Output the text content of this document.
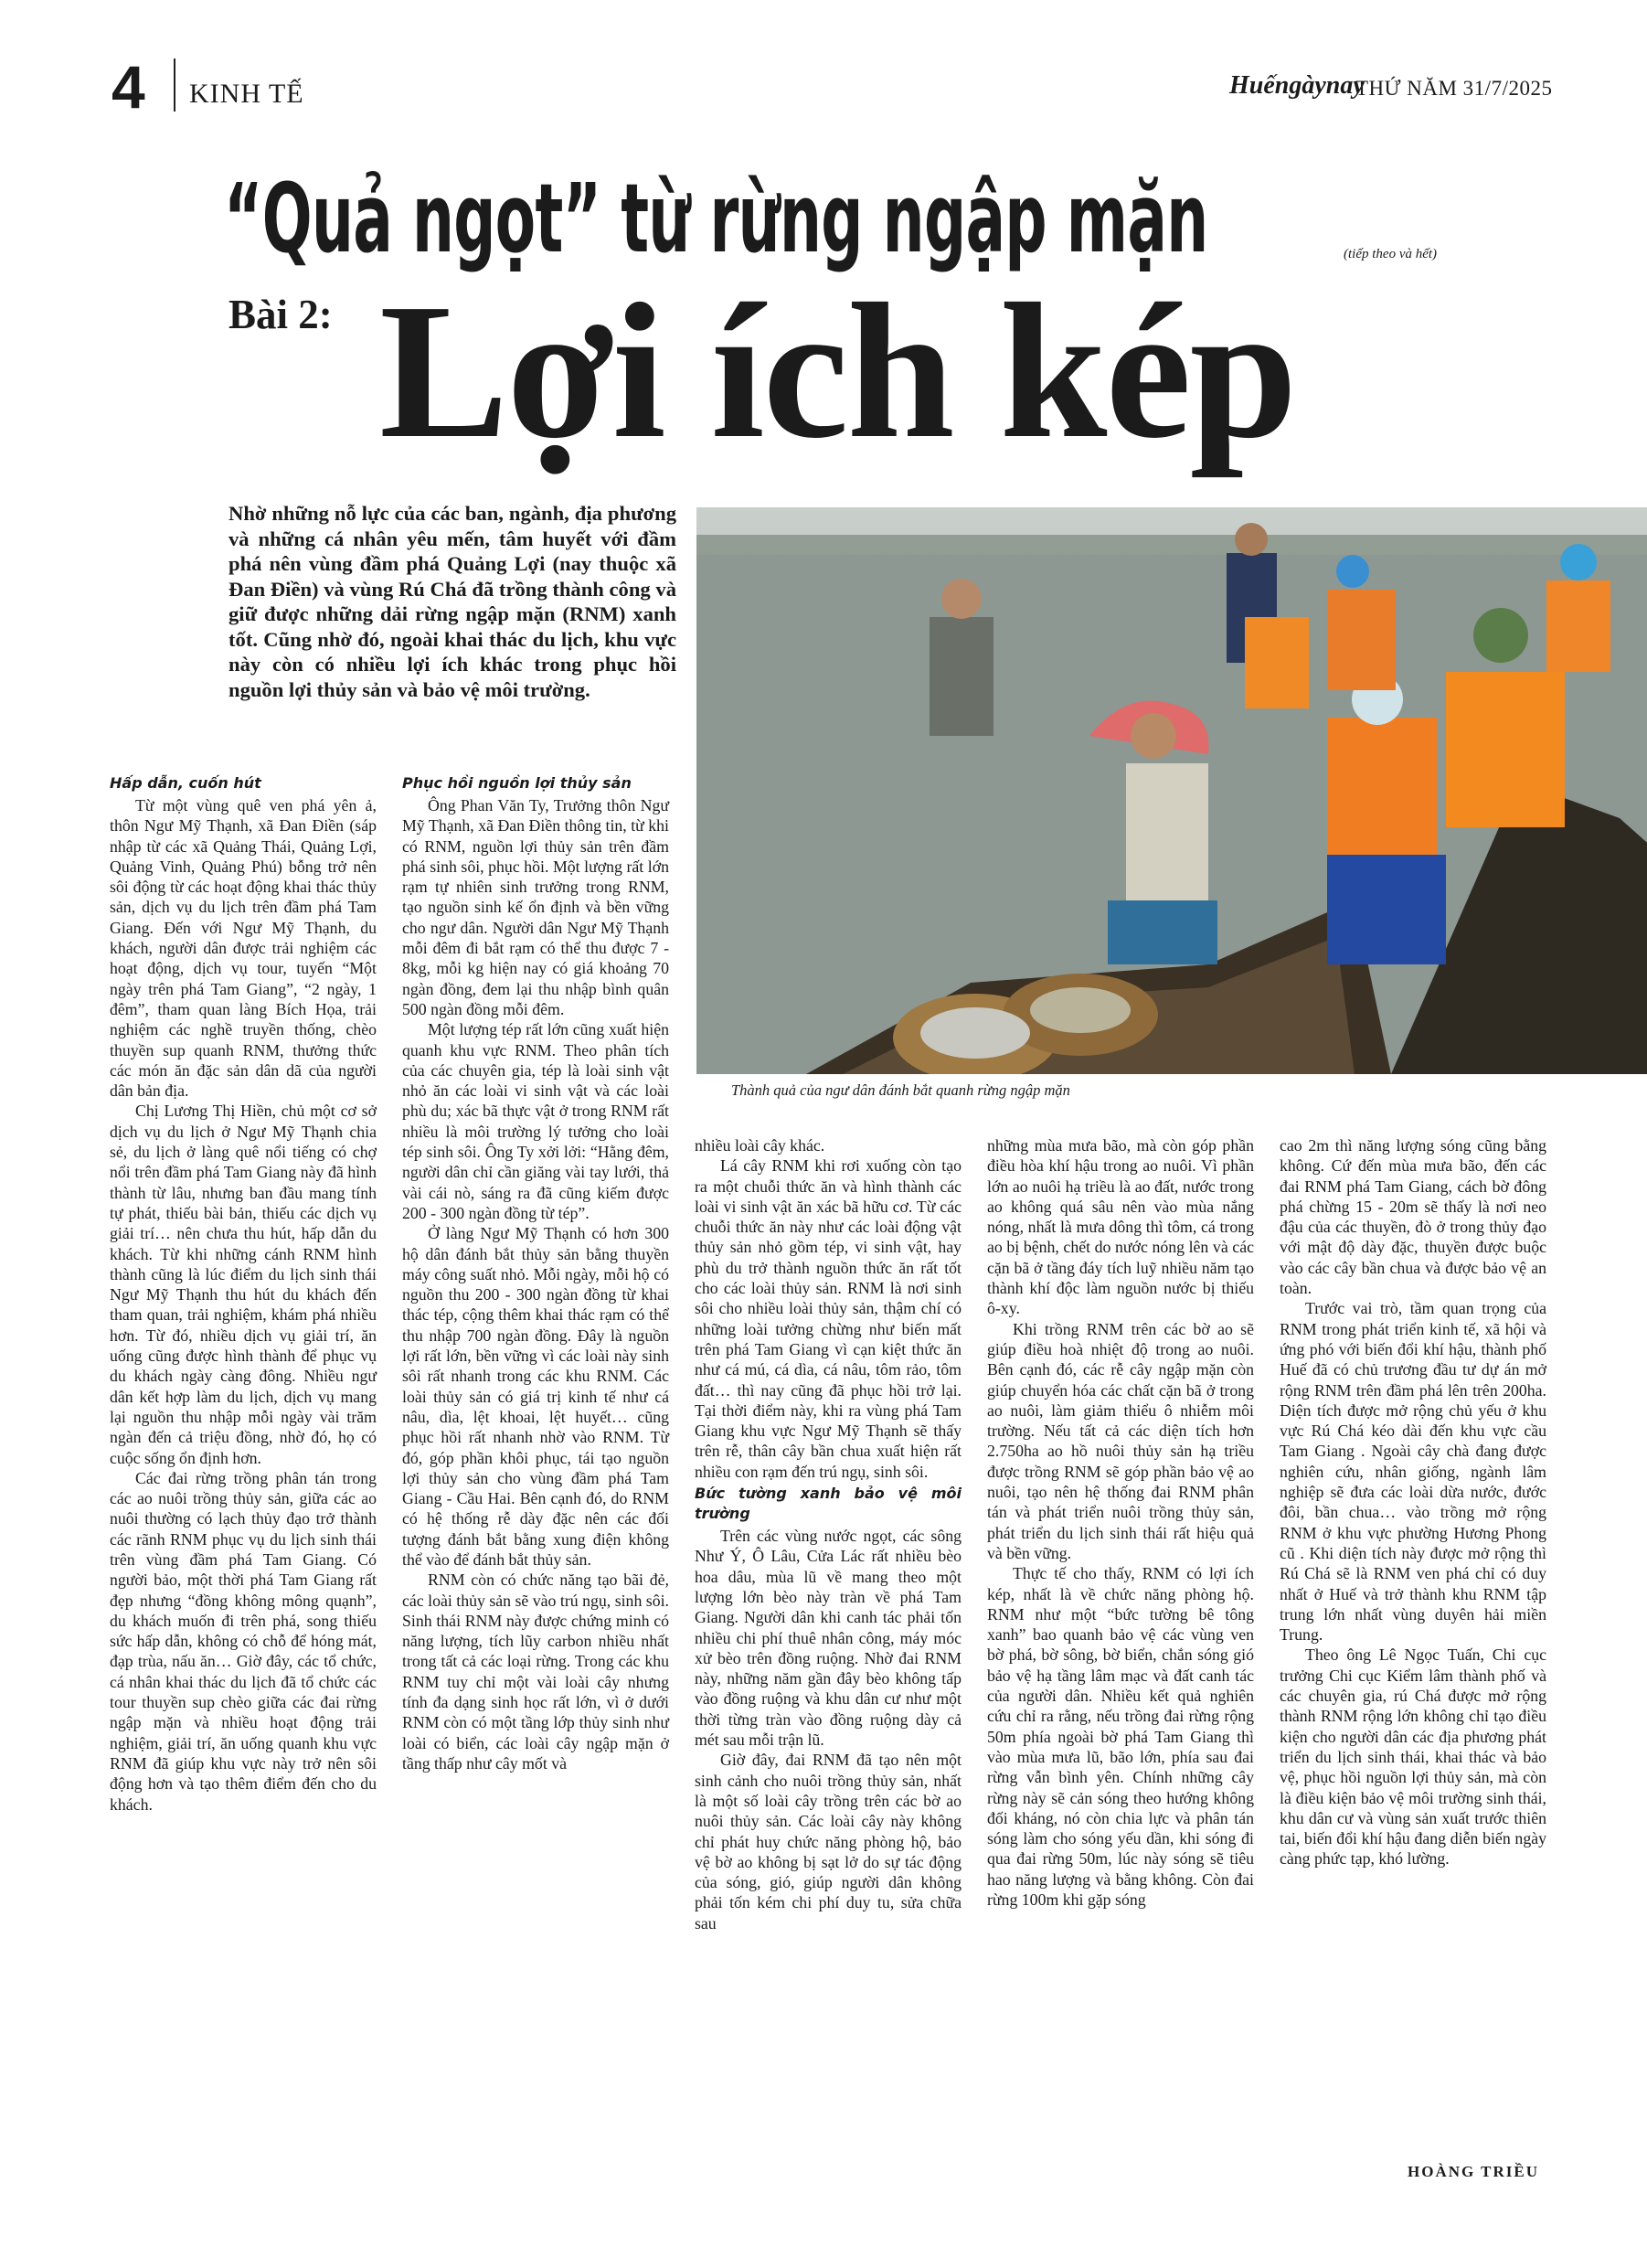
4 KINH TẾ	Huếngàynay
THỨ NĂM 31/7/2025
“Quả ngọt” từ rừng ngập mặn	(tiếp theo và hết)
Bài 2: Lợi ích kép
Nhờ những nỗ lực của các ban, ngành, địa phương và những cá nhân yêu mến, tâm huyết với đầm phá nên vùng đầm phá Quảng Lợi (nay thuộc xã Đan Điền) và vùng Rú Chá đã trồng thành công và giữ được những dải rừng ngập mặn (RNM) xanh tốt. Cũng nhờ đó, ngoài khai thác du lịch, khu vực này còn có nhiều lợi ích khác trong phục hồi nguồn lợi thủy sản và bảo vệ môi trường.
Thành quả của ngư dân đánh bắt quanh rừng ngập mặn
Hấp dẫn, cuốn hút

Từ một vùng quê ven phá yên ả, thôn Ngư Mỹ Thạnh, xã Đan Điền (sáp nhập từ các xã Quảng Thái, Quảng Lợi, Quảng Vinh, Quảng Phú) bỗng trở nên sôi động từ các hoạt động khai thác thủy sản, dịch vụ du lịch trên đầm phá Tam Giang. Đến với Ngư Mỹ Thạnh, du khách, người dân được trải nghiệm các hoạt động, dịch vụ tour, tuyến “Một ngày trên phá Tam Giang”, “2 ngày, 1 đêm”, tham quan làng Bích Họa, trải nghiệm các nghề truyền thống, chèo thuyền sup quanh RNM, thưởng thức các món ăn đặc sản dân dã của người dân bản địa.

Chị Lương Thị Hiền, chủ một cơ sở dịch vụ du lịch ở Ngư Mỹ Thạnh chia sẻ, du lịch ở làng quê nổi tiếng có chợ nổi trên đầm phá Tam Giang này đã hình thành từ lâu, nhưng ban đầu mang tính tự phát, thiếu bài bản, thiếu các dịch vụ giải trí… nên chưa thu hút, hấp dẫn du khách. Từ khi những cánh RNM hình thành cũng là lúc điểm du lịch sinh thái Ngư Mỹ Thạnh thu hút du khách đến tham quan, trải nghiệm, khám phá nhiều hơn. Từ đó, nhiều dịch vụ giải trí, ăn uống cũng được hình thành để phục vụ du khách ngày càng đông. Nhiều ngư dân kết hợp làm du lịch, dịch vụ mang lại nguồn thu nhập mỗi ngày vài trăm ngàn đến cả triệu đồng, nhờ đó, họ có cuộc sống ổn định hơn.

Các đai rừng trồng phân tán trong các ao nuôi trồng thủy sản, giữa các ao nuôi thường có lạch thủy đạo trở thành các rãnh RNM phục vụ du lịch sinh thái trên vùng đầm phá Tam Giang. Có người bảo, một thời phá Tam Giang rất đẹp nhưng “đồng không mông quạnh”, du khách muốn đi trên phá, song thiếu sức hấp dẫn, không có chỗ để hóng mát, đạp trùa, nấu ăn… Giờ đây, các tổ chức, cá nhân khai thác du lịch đã tổ chức các tour thuyền sup chèo giữa các đai rừng ngập mặn và nhiều hoạt động trải nghiệm, giải trí, ăn uống quanh khu vực RNM đã giúp khu vực này trở nên sôi động hơn và tạo thêm điểm đến cho du khách.

Phục hồi nguồn lợi thủy sản

Ông Phan Văn Ty, Trưởng thôn Ngư Mỹ Thạnh, xã Đan Điền thông tin, từ khi có RNM, nguồn lợi thủy sản trên đầm phá sinh sôi, phục hồi. Một lượng rất lớn rạm tự nhiên sinh trưởng trong RNM, tạo nguồn sinh kế ổn định và bền vững cho ngư dân. Người dân Ngư Mỹ Thạnh mỗi đêm đi bắt rạm có thể thu được 7 - 8kg, mỗi kg hiện nay có giá khoảng 70 ngàn đồng, đem lại thu nhập bình quân 500 ngàn đồng mỗi đêm.

Một lượng tép rất lớn cũng xuất hiện quanh khu vực RNM. Theo phân tích của các chuyên gia, tép là loài sinh vật nhỏ ăn các loài vi sinh vật và các loài phù du; xác bã thực vật ở trong RNM rất nhiều là môi trường lý tưởng cho loài tép sinh sôi. Ông Ty xởi lởi: “Hằng đêm, người dân chỉ cần giăng vài tay lưới, thả vài cái nò, sáng ra đã cũng kiếm được 200 - 300 ngàn đồng từ tép”.

Ở làng Ngư Mỹ Thạnh có hơn 300 hộ dân đánh bắt thủy sản bằng thuyền máy công suất nhỏ. Mỗi ngày, mỗi hộ có nguồn thu 200 - 300 ngàn đồng từ khai thác tép, cộng thêm khai thác rạm có thể thu nhập 700 ngàn đồng. Đây là nguồn lợi rất lớn, bền vững vì các loài này sinh sôi rất nhanh trong các khu RNM. Các loài thủy sản có giá trị kinh tế như cá nâu, dìa, lệt khoai, lệt huyết… cũng phục hồi rất nhanh nhờ vào RNM. Từ đó, góp phần khôi phục, tái tạo nguồn lợi thủy sản cho vùng đầm phá Tam Giang - Cầu Hai. Bên cạnh đó, do RNM có hệ thống rễ dày đặc nên các đối tượng đánh bắt bằng xung điện không thể vào để đánh bắt thủy sản.

RNM còn có chức năng tạo bãi đẻ, các loài thủy sản sẽ vào trú ngụ, sinh sôi. Sinh thái RNM này được chứng minh có năng lượng, tích lũy carbon nhiều nhất trong tất cả các loại rừng. Trong các khu RNM tuy chỉ một vài loài cây nhưng tính đa dạng sinh học rất lớn, vì ở dưới RNM còn có một tầng lớp thủy sinh như loài có biển, các loài cây ngập mặn ở tầng thấp như cây mốt và

nhiều loài cây khác.

Lá cây RNM khi rơi xuống còn tạo ra một chuỗi thức ăn và hình thành các loài vi sinh vật ăn xác bã hữu cơ. Từ các chuỗi thức ăn này như các loài động vật thủy sản nhỏ gồm tép, vi sinh vật, hay phù du trở thành nguồn thức ăn rất tốt cho các loài thủy sản. RNM là nơi sinh sôi cho nhiều loài thủy sản, thậm chí có những loài tưởng chừng như biến mất trên phá Tam Giang vì cạn kiệt thức ăn như cá mú, cá dìa, cá nâu, tôm rảo, tôm đất… thì nay cũng đã phục hồi trở lại. Tại thời điểm này, khi ra vùng phá Tam Giang khu vực Ngư Mỹ Thạnh sẽ thấy trên rễ, thân cây bần chua xuất hiện rất nhiều con rạm đến trú ngụ, sinh sôi.

Bức tường xanh bảo vệ môi trường

Trên các vùng nước ngọt, các sông Như Ý, Ô Lâu, Cửa Lác rất nhiều bèo hoa dâu, mùa lũ về mang theo một lượng lớn bèo này tràn về phá Tam Giang. Người dân khi canh tác phải tốn nhiều chi phí thuê nhân công, máy móc xử bèo trên đồng ruộng. Nhờ đai RNM này, những năm gần đây bèo không tấp vào đồng ruộng và khu dân cư như một thời từng tràn vào đồng ruộng dày cả mét sau mỗi trận lũ.

Giờ đây, đai RNM đã tạo nên một sinh cảnh cho nuôi trồng thủy sản, nhất là một số loài cây trồng trên các bờ ao nuôi thủy sản. Các loài cây này không chỉ phát huy chức năng phòng hộ, bảo vệ bờ ao không bị sạt lở do sự tác động của sóng, gió, giúp người dân không phải tốn kém chi phí duy tu, sửa chữa sau

những mùa mưa bão, mà còn góp phần điều hòa khí hậu trong ao nuôi. Vì phần lớn ao nuôi hạ triều là ao đất, nước trong ao không quá sâu nên vào mùa nắng nóng, nhất là mưa dông thì tôm, cá trong ao bị bệnh, chết do nước nóng lên và các cặn bã ở tầng đáy tích luỹ nhiều năm tạo thành khí độc làm nguồn nước bị thiếu ô-xy.

Khi trồng RNM trên các bờ ao sẽ giúp điều hoà nhiệt độ trong ao nuôi. Bên cạnh đó, các rễ cây ngập mặn còn giúp chuyển hóa các chất cặn bã ở trong ao nuôi, làm giảm thiểu ô nhiễm môi trường. Nếu tất cả các diện tích hơn 2.750ha ao hồ nuôi thủy sản hạ triều được trồng RNM sẽ góp phần bảo vệ ao nuôi, tạo nên hệ thống đai RNM phân tán và phát triển nuôi trồng thủy sản, phát triển du lịch sinh thái rất hiệu quả và bền vững.

Thực tế cho thấy, RNM có lợi ích kép, nhất là về chức năng phòng hộ. RNM như một “bức tường bê tông xanh” bao quanh bảo vệ các vùng ven bờ phá, bờ sông, bờ biển, chắn sóng gió bảo vệ hạ tầng lâm mạc và đất canh tác của người dân. Nhiều kết quả nghiên cứu chỉ ra rằng, nếu trồng đai rừng rộng 50m phía ngoài bờ phá Tam Giang thì vào mùa mưa lũ, bão lớn, phía sau đai rừng vẫn bình yên. Chính những cây rừng này sẽ cản sóng theo hướng không đối kháng, nó còn chia lực và phân tán sóng làm cho sóng yếu dần, khi sóng đi qua đai rừng 50m, lúc này sóng sẽ tiêu hao năng lượng và bằng không. Còn đai rừng 100m khi gặp sóng

cao 2m thì năng lượng sóng cũng bằng không. Cứ đến mùa mưa bão, đến các đai RNM phá Tam Giang, cách bờ đông phá chừng 15 - 20m sẽ thấy là nơi neo đậu của các thuyền, đò ở trong thủy đạo với mật độ dày đặc, thuyền được buộc vào các cây bần chua và được bảo vệ an toàn.

Trước vai trò, tầm quan trọng của RNM trong phát triển kinh tế, xã hội và ứng phó với biến đổi khí hậu, thành phố Huế đã có chủ trương đầu tư dự án mở rộng RNM trên đầm phá lên trên 200ha. Diện tích được mở rộng chủ yếu ở khu vực Rú Chá kéo dài đến khu vực cầu Tam Giang . Ngoài cây chà đang được nghiên cứu, nhân giống, ngành lâm nghiệp sẽ đưa các loài dừa nước, đước đôi, bần chua… vào trồng mở rộng RNM ở khu vực phường Hương Phong cũ . Khi diện tích này được mở rộng thì Rú Chá sẽ là RNM ven phá chỉ có duy nhất ở Huế và trở thành khu RNM tập trung lớn nhất vùng duyên hải miền Trung.

Theo ông Lê Ngọc Tuấn, Chi cục trưởng Chi cục Kiểm lâm thành phố và các chuyên gia, rú Chá được mở rộng thành RNM rộng lớn không chỉ tạo điều kiện cho người dân các địa phương phát triển du lịch sinh thái, khai thác và bảo vệ, phục hồi nguồn lợi thủy sản, mà còn là điều kiện bảo vệ môi trường sinh thái, khu dân cư và vùng sản xuất trước thiên tai, biến đổi khí hậu đang diễn biến ngày càng phức tạp, khó lường.

HOÀNG TRIỀU
